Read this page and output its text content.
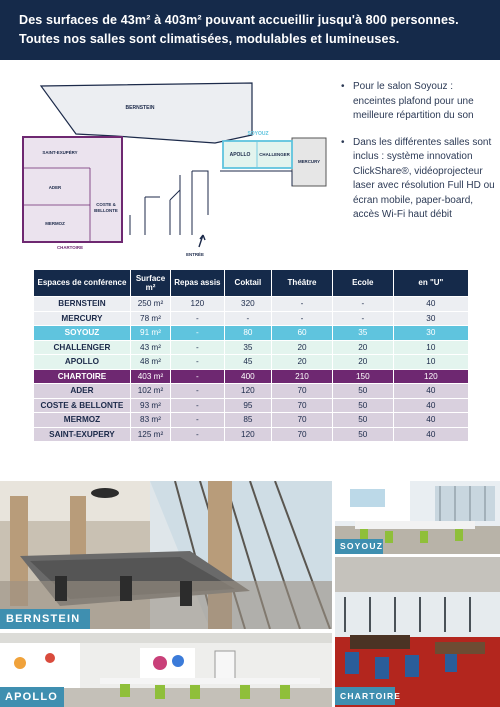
Des surfaces de 43m² à 403m² pouvant accueillir jusqu'à 800 personnes.
Toutes nos salles sont climatisées, modulables et lumineuses.
BERNSTEIN
SOYOUZ
APOLLO	CHALLENGER
MERCURY
SAINT-EXUPÉRY
ADER
COSTE & BELLONTE
MERMOZ
CHARTOIRE
ENTRÉE
• Pour le salon Soyouz : enceintes plafond pour une meilleure répartition du son
• Dans les différentes salles sont inclus : système innovation ClickShare®, vidéoprojecteur laser avec résolution Full HD ou écran mobile, paper-board, accès Wi-Fi haut débit
Espaces de conférence	Surface m²	Repas assis	Coktail	Théâtre	Ecole	en "U"
BERNSTEIN	250 m²	120	320	-	-	40
MERCURY	78 m²	-	-	-	-	30
SOYOUZ	91 m²	-	80	60	35	30
CHALLENGER	43 m²	-	35	20	20	10
APOLLO	48 m²	-	45	20	20	10
CHARTOIRE	403 m²	-	400	210	150	120
ADER	102 m²	-	120	70	50	40
COSTE & BELLONTE	93 m²	-	95	70	50	40
MERMOZ	83 m²	-	85	70	50	40
SAINT-EXUPERY	125 m²	-	120	70	50	40
BERNSTEIN
SOYOUZ
CHARTOIRE
APOLLO
